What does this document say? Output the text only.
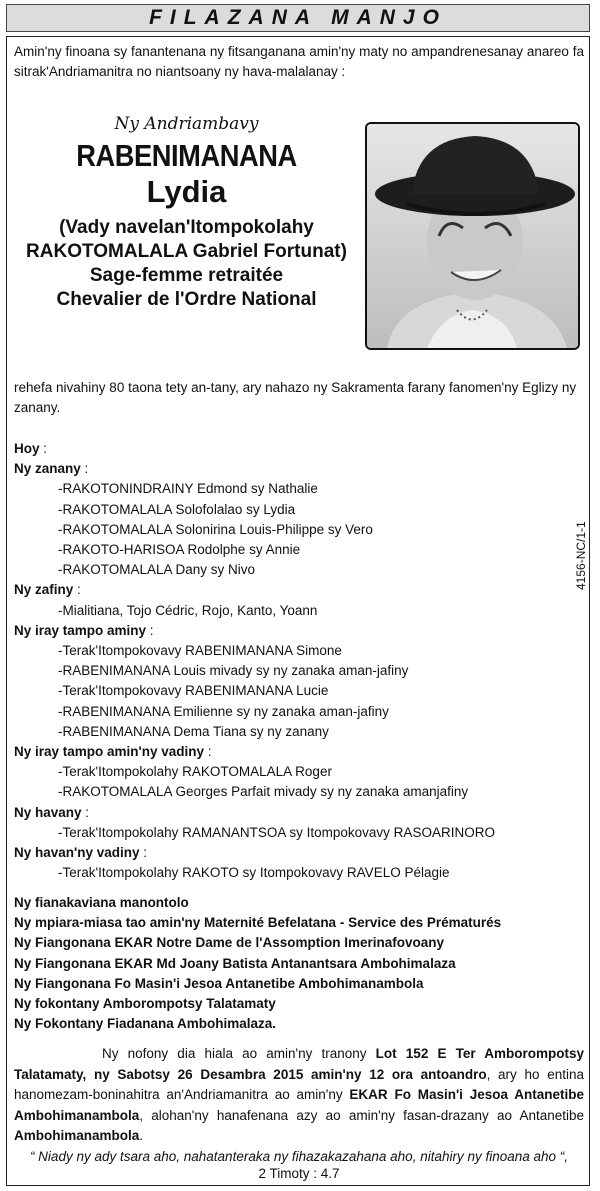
FILAZANA MANJO
Amin'ny finoana sy fanantenana ny fitsanganana amin'ny maty no ampandrenesanay anareo fa sitrak'Andriamanitra no niantsoany ny hava-malalanay :
Ny Andriambavy
RABENIMANANA
Lydia
(Vady navelan'Itompokolahy
RAKOTOMALALA Gabriel Fortunat)
Sage-femme retraitée
Chevalier de l'Ordre National
rehefa nivahiny 80 taona tety an-tany, ary nahazo ny Sakramenta farany fanomen'ny Eglizy ny zanany.
Hoy :
Ny zanany :
-RAKOTONINDRAINY Edmond sy Nathalie
-RAKOTOMALALA Solofolalao sy Lydia
-RAKOTOMALALA Solonirina Louis-Philippe sy Vero
-RAKOTO-HARISOA Rodolphe sy Annie
-RAKOTOMALALA Dany sy Nivo
Ny zafiny :
-Mialitiana, Tojo Cédric, Rojo, Kanto, Yoann
Ny iray tampo aminy :
-Terak'Itompokovavy RABENIMANANA Simone
-RABENIMANANA Louis mivady sy ny zanaka aman-jafiny
-Terak'Itompokovavy RABENIMANANA Lucie
-RABENIMANANA Emilienne sy ny zanaka aman-jafiny
-RABENIMANANA Dema Tiana sy ny zanany
Ny iray tampo amin'ny vadiny :
-Terak'Itompokolahy RAKOTOMALALA Roger
-RAKOTOMALALA Georges Parfait mivady sy ny zanaka amanjafiny
Ny havany :
-Terak'Itompokolahy RAMANANTSOA sy Itompokovavy RASOARINORO
Ny havan'ny vadiny :
-Terak'Itompokolahy RAKOTO sy Itompokovavy RAVELO Pélagie
4156-NC/1-1
Ny fianakaviana manontolo
Ny mpiara-miasa tao amin'ny Maternité Befelatana - Service des Prématurés
Ny Fiangonana EKAR Notre Dame de l'Assomption Imerinafovoany
Ny Fiangonana EKAR Md Joany Batista Antanantsara Ambohimalaza
Ny Fiangonana Fo Masin'i Jesoa Antanetibe Ambohimanambola
Ny fokontany Amborompotsy Talatamaty
Ny Fokontany Fiadanana Ambohimalaza.
Ny nofony dia hiala ao amin'ny tranony Lot 152 E Ter Amborompotsy Talatamaty, ny Sabotsy 26 Desambra 2015 amin'ny 12 ora antoandro, ary ho entina hanomezam-boninahitra an'Andriamanitra ao amin'ny EKAR Fo Masin'i Jesoa Antanetibe Ambohimanambola, alohan'ny hanafenana azy ao amin'ny fasan-drazany ao Antanetibe Ambohimanambola.
“ Niady ny ady tsara aho, nahatanteraka ny fihazakazahana aho, nitahiry ny finoana aho “,
2 Timoty : 4.7
